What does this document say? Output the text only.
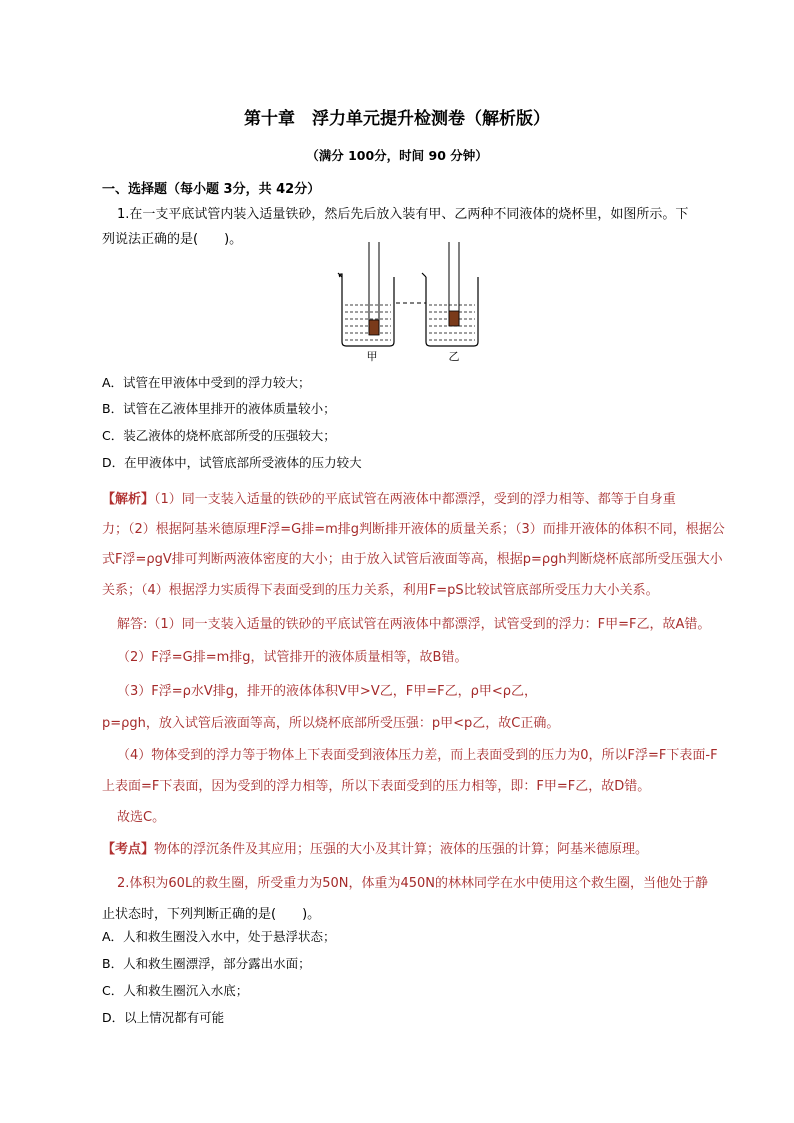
第十章　浮力单元提升检测卷（解析版）
（满分 100分，时间 90 分钟）
一、选择题（每小题 3分，共 42分）
1.在一支平底试管内装入适量铁砂，然后先后放入装有甲、乙两种不同液体的烧杯里，如图所示。下
列说法正确的是(　　)。
甲	乙
A．试管在甲液体中受到的浮力较大；
B．试管在乙液体里排开的液体质量较小；
C．装乙液体的烧杯底部所受的压强较大；
D．在甲液体中，试管底部所受液体的压力较大
【解析】（1）同一支装入适量的铁砂的平底试管在两液体中都漂浮，受到的浮力相等、都等于自身重
力；（2）根据阿基米德原理F浮=G排=m排g判断排开液体的质量关系；（3）而排开液体的体积不同，根据公
式F浮=ρgV排可判断两液体密度的大小；由于放入试管后液面等高，根据p=ρgh判断烧杯底部所受压强大小
关系；（4）根据浮力实质得下表面受到的压力关系，利用F=pS比较试管底部所受压力大小关系。
解答:（1）同一支装入适量的铁砂的平底试管在两液体中都漂浮，试管受到的浮力：F甲=F乙，故A错。
（2）F浮=G排=m排g，试管排开的液体质量相等，故B错。
（3）F浮=ρ水V排g，排开的液体体积V甲>V乙，F甲=F乙，ρ甲<ρ乙，
p=ρgh，放入试管后液面等高，所以烧杯底部所受压强：p甲<p乙，故C正确。
（4）物体受到的浮力等于物体上下表面受到液体压力差，而上表面受到的压力为0，所以F浮=F下表面-F
上表面=F下表面，因为受到的浮力相等，所以下表面受到的压力相等，即：F甲=F乙，故D错。
故选C。
【考点】物体的浮沉条件及其应用；压强的大小及其计算；液体的压强的计算；阿基米德原理。
2.体积为60L的救生圈，所受重力为50N，体重为450N的林林同学在水中使用这个救生圈，当他处于静
止状态时，下列判断正确的是(　　)。
A．人和救生圈没入水中，处于悬浮状态；
B．人和救生圈漂浮，部分露出水面；
C．人和救生圈沉入水底；
D．以上情况都有可能
